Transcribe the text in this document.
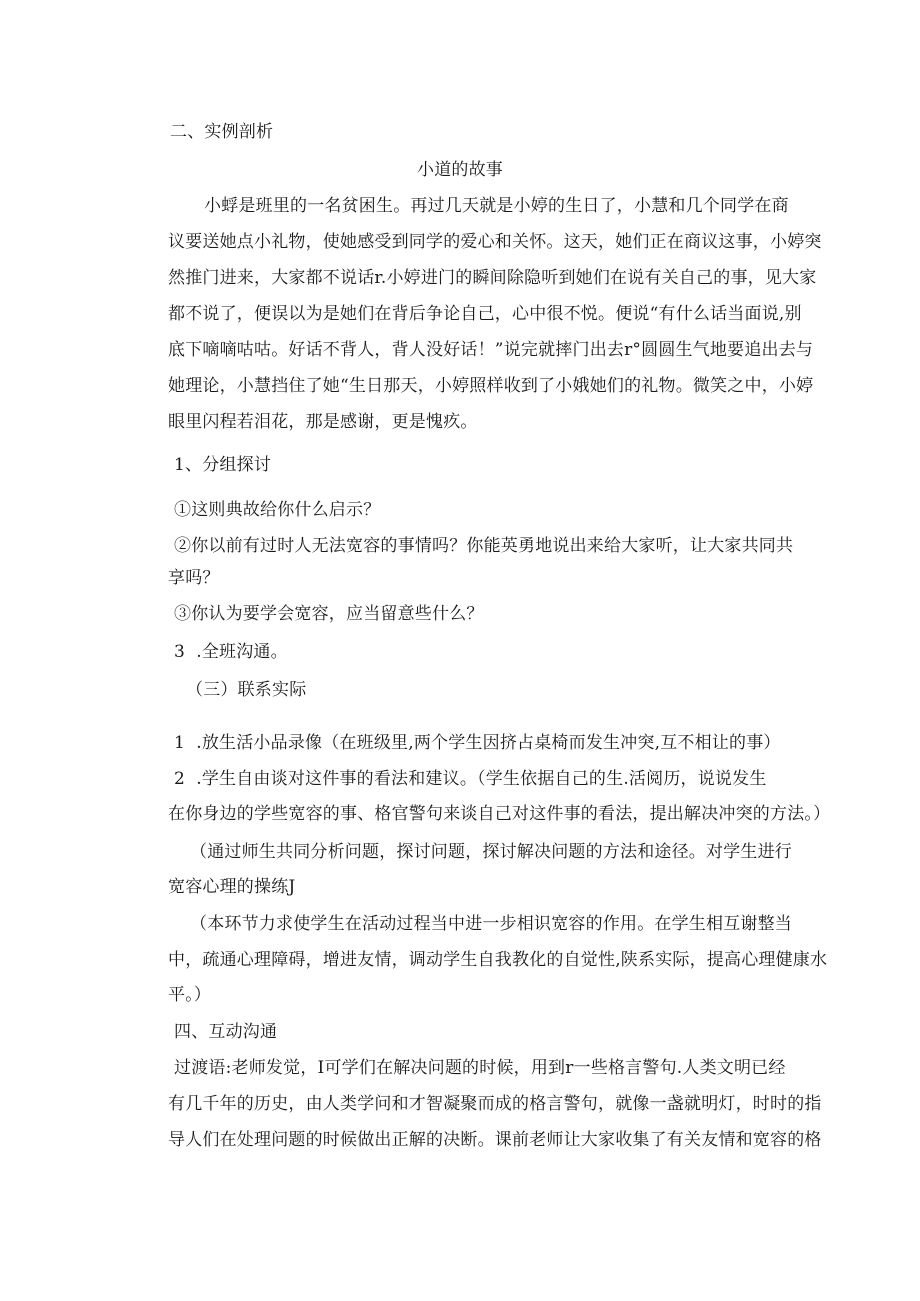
二、实例剖析
小道的故事
小蜉是班里的一名贫困生。再过几天就是小婷的生日了，小慧和几个同学在商
议要送她点小礼物，使她感受到同学的爱心和关怀。这天，她们正在商议这事，小婷突
然推门进来，大家都不说话r.小婷进门的瞬间除隐听到她们在说有关自己的事，见大家
都不说了，便误以为是她们在背后争论自己，心中很不悦。便说“有什么话当面说,别
底下嘀嘀咕咕。好话不背人，背人没好话！”说完就摔门出去r°圆圆生气地要追出去与
她理论，小慧挡住了她“生日那天，小婷照样收到了小娥她们的礼物。微笑之中，小婷
眼里闪程若泪花，那是感谢，更是愧疚。
1、分组探讨
①这则典故给你什么启示？
②你以前有过时人无法宽容的事情吗？你能英勇地说出来给大家听，让大家共同共
享吗？
③你认为要学会宽容，应当留意些什么？
3  .全班沟通。
（三）联系实际
1  .放生活小品录像（在班级里,两个学生因挤占桌椅而发生冲突,互不相让的事）
2  .学生自由谈对这件事的看法和建议。（学生依据自己的生.活阅历，说说发生
在你身边的学些宽容的事、格官警句来谈自己对这件事的看法，提出解决冲突的方法。）
（通过师生共同分析问题，探讨问题，探讨解决问题的方法和途径。对学生进行
宽容心理的操练J
（本环节力求使学生在活动过程当中进一步相识宽容的作用。在学生相互谢整当
中，疏通心理障碍，增进友情，调动学生自我教化的自觉性,陕系实际，提高心理健康水
平。）
四、互动沟通
过渡语:老师发觉，I可学们在解决问题的时候，用到r一些格言警句.人类文明已经
有几千年的历史，由人类学问和才智凝聚而成的格言警句，就像一盏就明灯，时时的指
导人们在处理问题的时候做出正解的决断。课前老师让大家收集了有关友情和宽容的格
